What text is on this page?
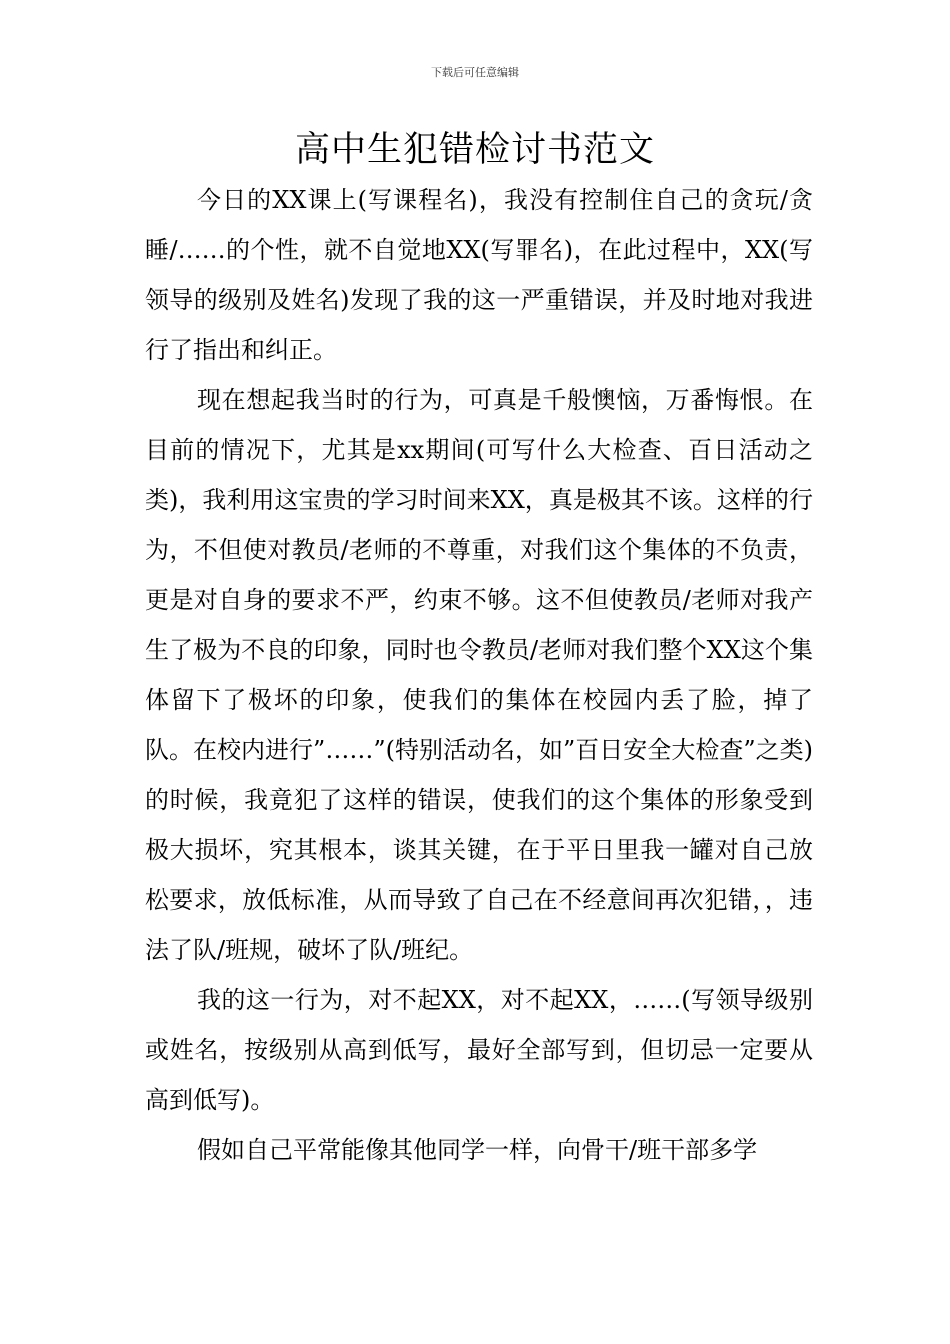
下载后可任意编辑
高中生犯错检讨书范文

今日的XX课上(写课程名)，我没有控制住自己的贪玩/贪睡/……的个性，就不自觉地XX(写罪名)，在此过程中，XX(写领导的级别及姓名)发现了我的这一严重错误，并及时地对我进行了指出和纠正。

现在想起我当时的行为，可真是千般懊恼，万番悔恨。在目前的情况下，尤其是xx期间(可写什么大检查、百日活动之类)，我利用这宝贵的学习时间来XX，真是极其不该。这样的行为，不但使对教员/老师的不尊重，对我们这个集体的不负责，更是对自身的要求不严，约束不够。这不但使教员/老师对我产生了极为不良的印象，同时也令教员/老师对我们整个XX这个集体留下了极坏的印象，使我们的集体在校园内丢了脸，掉了队。在校内进行”……”(特别活动名，如”百日安全大检查”之类)的时候，我竟犯了这样的错误，使我们的这个集体的形象受到极大损坏，究其根本，谈其关键，在于平日里我一罐对自己放松要求，放低标准，从而导致了自己在不经意间再次犯错，，违法了队/班规，破坏了队/班纪。

我的这一行为，对不起XX，对不起XX，……(写领导级别或姓名，按级别从高到低写，最好全部写到，但切忌一定要从高到低写)。

假如自己平常能像其他同学一样，向骨干/班干部多学
